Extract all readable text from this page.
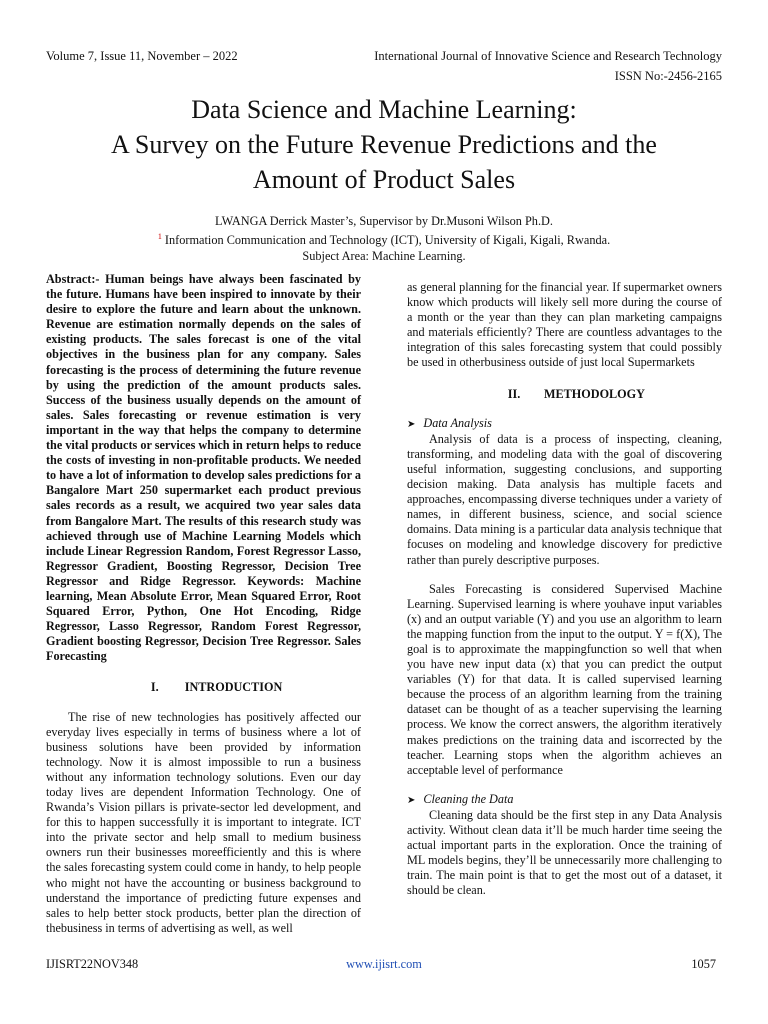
Volume 7, Issue 11, November – 2022	International Journal of Innovative Science and Research Technology
ISSN No:-2456-2165
Data Science and Machine Learning:
A Survey on the Future Revenue Predictions and the
Amount of Product Sales
LWANGA Derrick Master’s, Supervisor by Dr.Musoni Wilson Ph.D.
$^1$ Information Communication and Technology (ICT), University of Kigali, Kigali, Rwanda.
Subject Area: Machine Learning.

Abstract:- Human beings have always been fascinated by the future. Humans have been inspired to innovate by their desire to explore the future and learn about the unknown. Revenue are estimation normally depends on the sales of existing products. The sales forecast is one of the vital objectives in the business plan for any company. Sales forecasting is the process of determining the future revenue by using the prediction of the amount products sales. Success of the business usually depends on the amount of sales. Sales forecasting or revenue estimation is very important in the way that helps the company to determine the vital products or services which in return helps to reduce the costs of investing in non-profitable products. We needed to have a lot of information to develop sales predictions for a Bangalore Mart 250 supermarket each product previous sales records as a result, we acquired two year sales data from Bangalore Mart. The results of this research study was achieved through use of Machine Learning Models which include Linear Regression Random, Forest Regressor Lasso, Regressor Gradient, Boosting Regressor, Decision Tree Regressor and Ridge Regressor. Keywords: Machine learning, Mean Absolute Error, Mean Squared Error, Root Squared Error, Python, One Hot Encoding, Ridge Regressor, Lasso Regressor, Random Forest Regressor, Gradient boosting Regressor, Decision Tree Regressor. Sales Forecasting

I. INTRODUCTION

The rise of new technologies has positively affected our everyday lives especially in terms of business where a lot of business solutions have been provided by information technology. Now it is almost impossible to run a business without any information technology solutions. Even our day today lives are dependent Information Technology. One of Rwanda’s Vision pillars is private-sector led development, and for this to happen successfully it is important to integrate. ICT into the private sector and help small to medium business owners run their businesses moreefficiently and this is where the sales forecasting system could come in handy, to help people who might not have the accounting or business background to understand the importance of predicting future expenses and sales to help better stock products, better plan the direction of thebusiness in terms of advertising as well, as well

as general planning for the financial year. If supermarket owners know which products will likely sell more during the course of a month or the year than they can plan marketing campaigns and materials efficiently? There are countless advantages to the integration of this sales forecasting system that could possibly be used in otherbusiness outside of just local Supermarkets

II. METHODOLOGY

➤ Data Analysis

Analysis of data is a process of inspecting, cleaning, transforming, and modeling data with the goal of discovering useful information, suggesting conclusions, and supporting decision making. Data analysis has multiple facets and approaches, encompassing diverse techniques under a variety of names, in different business, science, and social science domains. Data mining is a particular data analysis technique that focuses on modeling and knowledge discovery for predictive rather than purely descriptive purposes.

Sales Forecasting is considered Supervised Machine Learning. Supervised learning is where youhave input variables (x) and an output variable (Y) and you use an algorithm to learn the mapping function from the input to the output. Y = f(X), The goal is to approximate the mappingfunction so well that when you have new input data (x) that you can predict the output variables (Y) for that data. It is called supervised learning because the process of an algorithm learning from the training dataset can be thought of as a teacher supervising the learning process. We know the correct answers, the algorithm iteratively makes predictions on the training data and iscorrected by the teacher. Learning stops when the algorithm achieves an acceptable level of performance

➤ Cleaning the Data

Cleaning data should be the first step in any Data Analysis activity. Without clean data it’ll be much harder time seeing the actual important parts in the exploration. Once the training of ML models begins, they’ll be unnecessarily more challenging to train. The main point is that to get the most out of a dataset, it should be clean.

IJISRT22NOV348	www.ijisrt.com	1057
